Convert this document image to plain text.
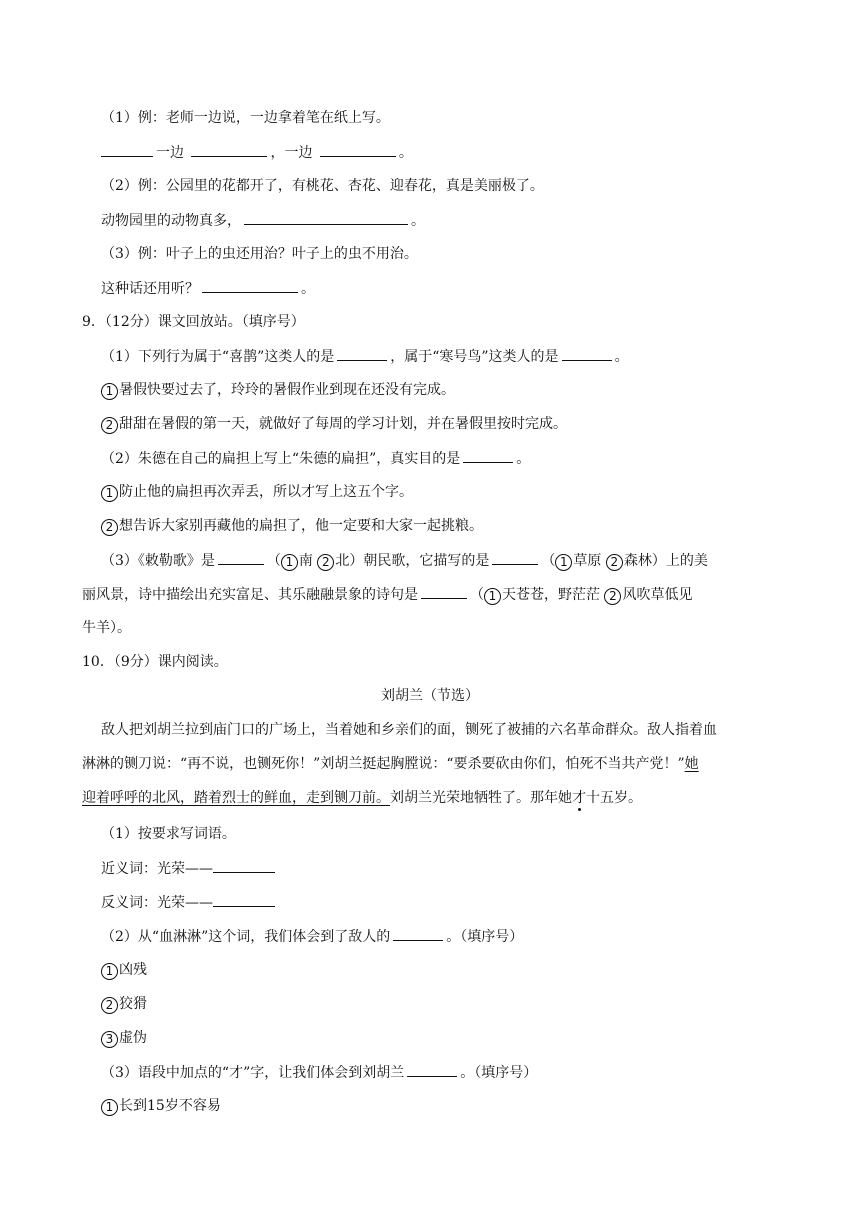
（1）例：老师一边说，一边拿着笔在纸上写。
一边	，一边	。
（2）例：公园里的花都开了，有桃花、杏花、迎春花，真是美丽极了。
动物园里的动物真多，	。
（3）例：叶子上的虫还用治？叶子上的虫不用治。
这种话还用听？	。
9．（12分）课文回放站。（填序号）
（1）下列行为属于“喜鹊”这类人的是	，属于“寒号鸟”这类人的是	。
1 暑假快要过去了，玲玲的暑假作业到现在还没有完成。
2 甜甜在暑假的第一天，就做好了每周的学习计划，并在暑假里按时完成。
（2）朱德在自己的扁担上写上“朱德的扁担”，真实目的是	。
1 防止他的扁担再次弄丢，所以才写上这五个字。
2 想告诉大家别再藏他的扁担了，他一定要和大家一起挑粮。
（3）《敕勒歌》是	（ 1 南 2 北）朝民歌，它描写的是	（ 1 草原 2 森林）上的美
丽风景，诗中描绘出充实富足、其乐融融景象的诗句是	（ 1 天苍苍，野茫茫 2 风吹草低见
牛羊）。
10．（9分）课内阅读。
刘胡兰（节选）
敌人把刘胡兰拉到庙门口的广场上，当着她和乡亲们的面，铡死了被捕的六名革命群众。敌人指着血
淋淋的铡刀说：“再不说，也铡死你！”刘胡兰挺起胸膛说：“要杀要砍由你们，怕死不当共产党！”她
迎着呼呼的北风，踏着烈士的鲜血，走到铡刀前。刘胡兰光荣地牺牲了。那年她才十五岁。
（1）按要求写词语。
近义词：光荣——
反义词：光荣——
（2）从“血淋淋”这个词，我们体会到了敌人的	。（填序号）
1 凶残
2 狡猾
3 虚伪
（3）语段中加点的“才”字，让我们体会到刘胡兰	。（填序号）
1 长到15岁不容易
